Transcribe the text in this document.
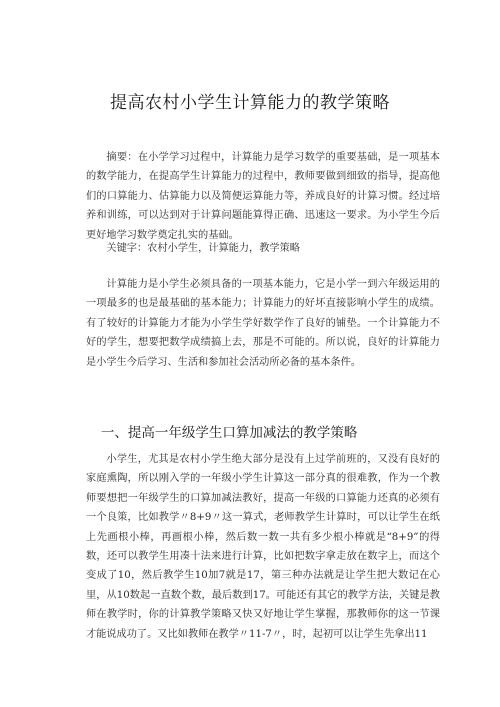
提高农村小学生计算能力的教学策略

摘要：在小学学习过程中，计算能力是学习数学的重要基础，是一项基本的数学能力，在提高学生计算能力的过程中，教师要做到细致的指导，提高他们的口算能力、估算能力以及简便运算能力等，养成良好的计算习惯。经过培养和训练，可以达到对于计算问题能算得正确、迅速这一要求。为小学生今后更好地学习数学奠定扎实的基础。

关键字：农村小学生，计算能力，教学策略

计算能力是小学生必须具备的一项基本能力，它是小学一到六年级运用的一项最多的也是最基础的基本能力；计算能力的好坏直接影响小学生的成绩。有了较好的计算能力才能为小学生学好数学作了良好的铺垫。一个计算能力不好的学生，想要把数学成绩搞上去，那是不可能的。所以说，良好的计算能力是小学生今后学习、生活和参加社会活动所必备的基本条件。

一、提高一年级学生口算加减法的教学策略

小学生，尤其是农村小学生绝大部分是没有上过学前班的，又没有良好的家庭熏陶，所以刚入学的一年级小学生计算这一部分真的很难教，作为一个教师要想把一年级学生的口算加减法教好，提高一年级的口算能力还真的必须有一个良策，比如教学〃8+9〃这一算式，老师教学生计算时，可以让学生在纸上先画根小棒，再画根小棒，然后数一数一共有多少根小棒就是“8+9”的得数，还可以教学生用凑十法来进行计算，比如把数字拿走放在数字上，而这个变成了10，然后教学生10加7就是17，第三种办法就是让学生把大数记在心里，从10数起一直数个数，最后数到17。可能还有其它的教学方法，关键是教师在教学时，你的计算教学策略又快又好地让学生掌握，那教师你的这一节课才能说成功了。又比如教师在教学〃11-7〃，时，起初可以让学生先拿出11
